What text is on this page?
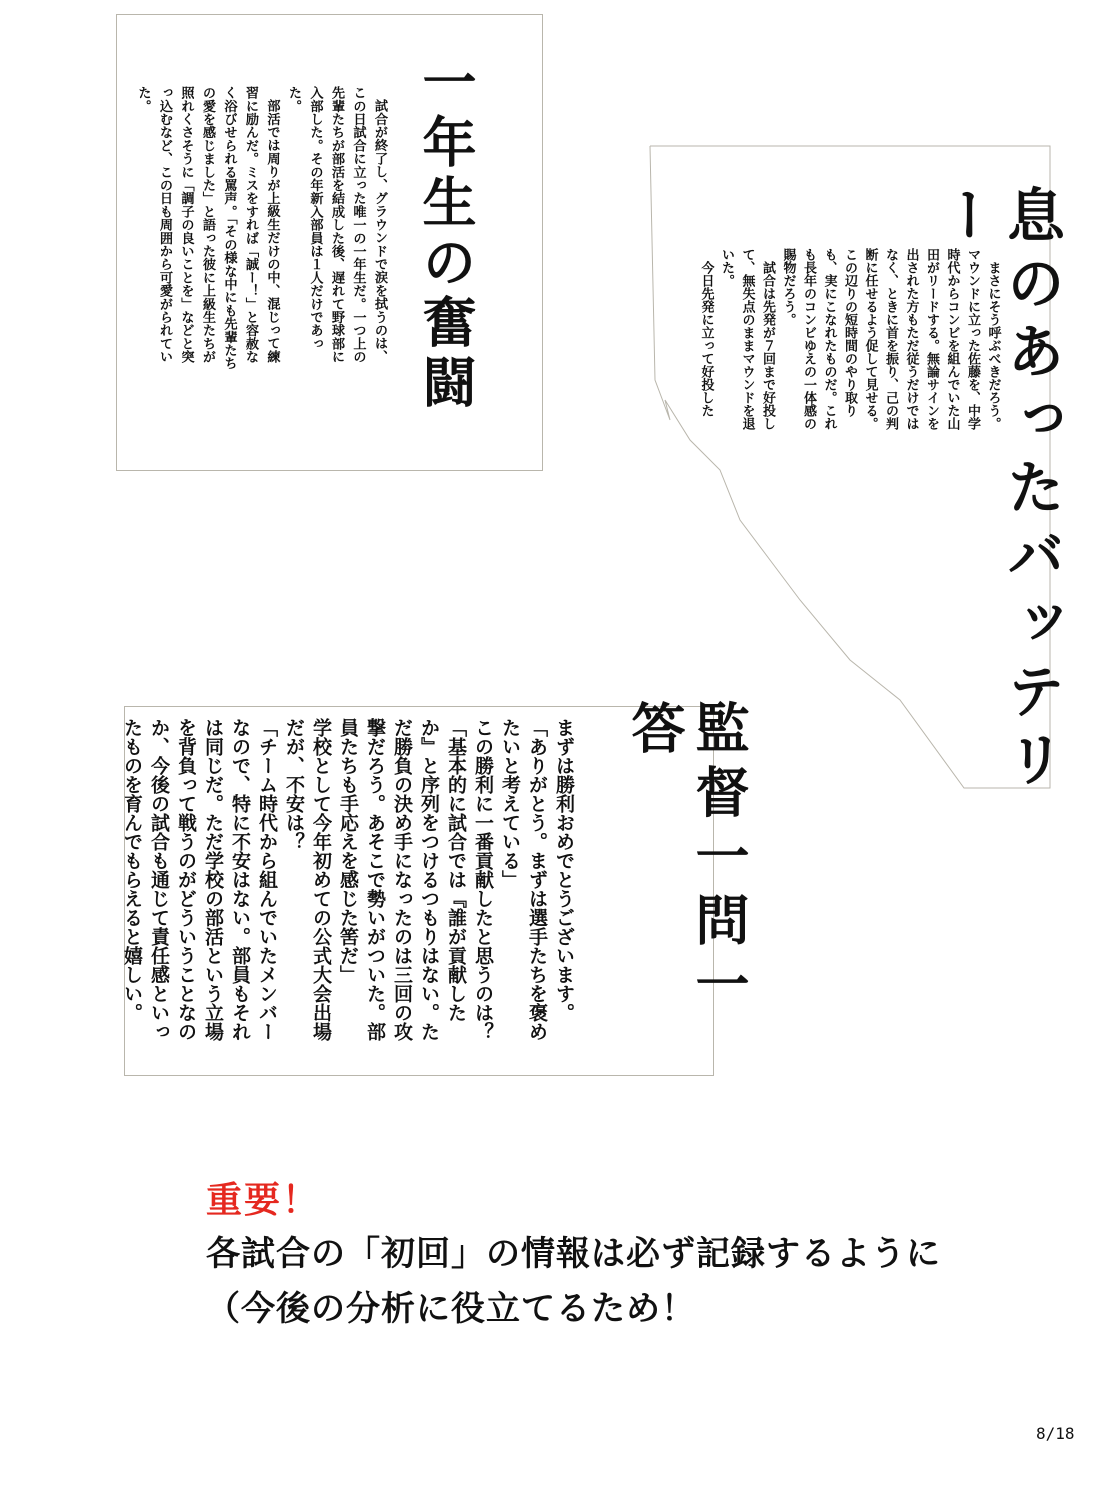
一年生の奮闘

試合が終了し、グラウンドで涙を拭うのは、この日試合に立った唯一の一年生だ。一つ上の先輩たちが部活を結成した後、遅れて野球部に入部した。その年新入部員は１人だけであった。

部活では周りが上級生だけの中、混じって練習に励んだ。ミスをすれば「誠ー！」と容赦なく浴びせられる罵声。「その様な中にも先輩たちの愛を感じました」と語った彼に上級生たちが照れくさそうに「調子の良いことを」などと突っ込むなど、この日も周囲から可愛がられていた。

息のあったバッテリー

まさにそう呼ぶべきだろう。マウンドに立った佐藤を、中学時代からコンビを組んでいた山田がリードする。無論サインを出された方もただ従うだけではなく、ときに首を振り、己の判断に任せるよう促して見せる。この辺りの短時間のやり取りも、実にこなれたものだ。これも長年のコンビゆえの一体感の賜物だろう。

試合は先発が７回まで好投して、無失点のままマウンドを退いた。

今日先発に立って好投した

監督一問一答

まずは勝利おめでとうございます。

「ありがとう。まずは選手たちを褒めたいと考えている」

この勝利に一番貢献したと思うのは？

「基本的に試合では『誰が貢献したか』と序列をつけるつもりはない。ただ勝負の決め手になったのは三回の攻撃だろう。あそこで勢いがついた。部員たちも手応えを感じた筈だ」

学校として今年初めての公式大会出場だが、不安は？

「チーム時代から組んでいたメンバーなので、特に不安はない。部員もそれは同じだ。ただ学校の部活という立場を背負って戦うのがどういうことなのか、今後の試合も通じて責任感といったものを育んでもらえると嬉しい。

重要！
各試合の「初回」の情報は必ず記録するように
（今後の分析に役立てるため！
8/18
